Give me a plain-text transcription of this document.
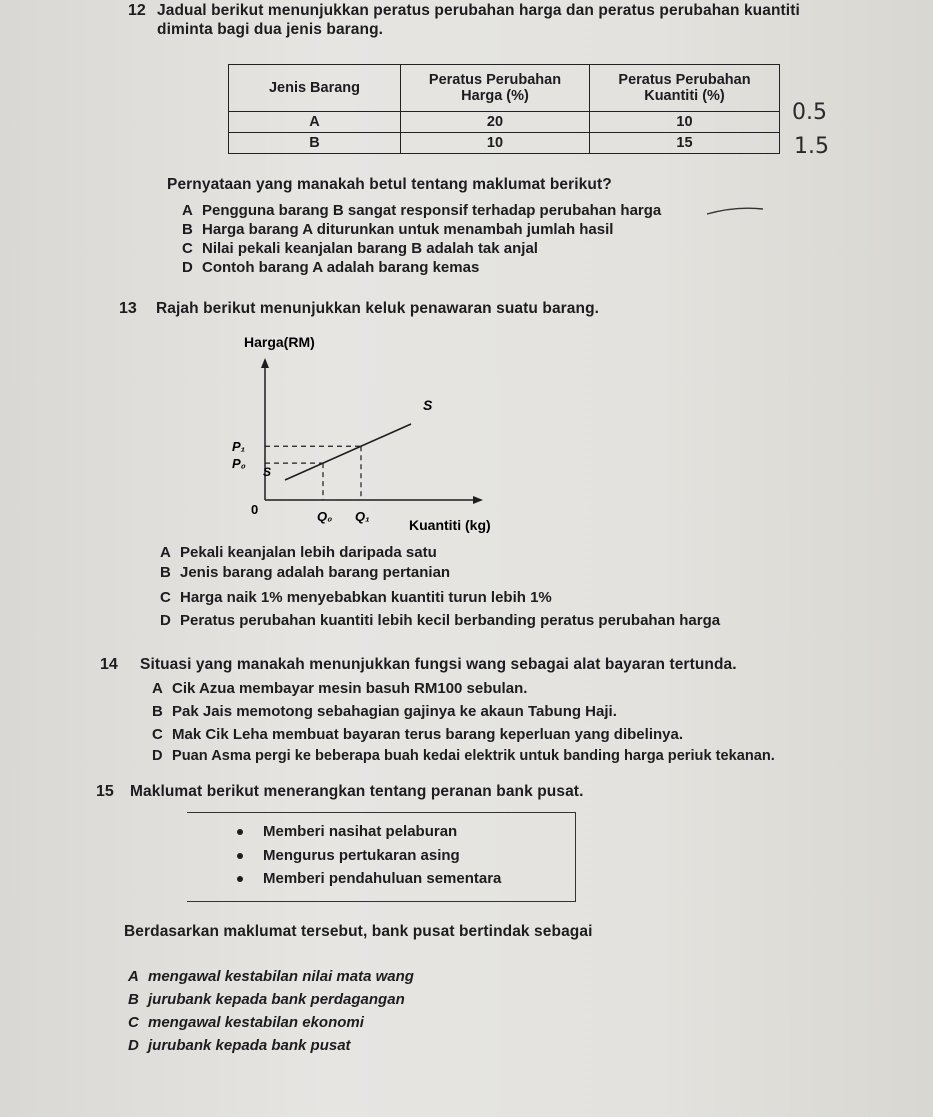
12 Jadual berikut menunjukkan peratus perubahan harga dan peratus perubahan kuantiti
diminta bagi dua jenis barang.
Jenis Barang	Peratus Perubahan Harga (%)	Peratus Perubahan Kuantiti (%)
A	20	10
B	10	15
0.5
1.5
Pernyataan yang manakah betul tentang maklumat berikut?
A Pengguna barang B sangat responsif terhadap perubahan harga
B Harga barang A diturunkan untuk menambah jumlah hasil
C Nilai pekali keanjalan barang B adalah tak anjal
D Contoh barang A adalah barang kemas
13 Rajah berikut menunjukkan keluk penawaran suatu barang.
Harga(RM)
Kuantiti (kg)
0
S
S
Q₀ Q₁
P₁
P₀
A Pekali keanjalan lebih daripada satu
B Jenis barang adalah barang pertanian
C Harga naik 1% menyebabkan kuantiti turun lebih 1%
D Peratus perubahan kuantiti lebih kecil berbanding peratus perubahan harga
14 Situasi yang manakah menunjukkan fungsi wang sebagai alat bayaran tertunda.
A Cik Azua membayar mesin basuh RM100 sebulan.
B Pak Jais memotong sebahagian gajinya ke akaun Tabung Haji.
C Mak Cik Leha membuat bayaran terus barang keperluan yang dibelinya.
D Puan Asma pergi ke beberapa buah kedai elektrik untuk banding harga periuk tekanan.
15 Maklumat berikut menerangkan tentang peranan bank pusat.
Memberi nasihat pelaburan
Mengurus pertukaran asing
Memberi pendahuluan sementara
Berdasarkan maklumat tersebut, bank pusat bertindak sebagai
A mengawal kestabilan nilai mata wang
B jurubank kepada bank perdagangan
C mengawal kestabilan ekonomi
D jurubank kepada bank pusat
